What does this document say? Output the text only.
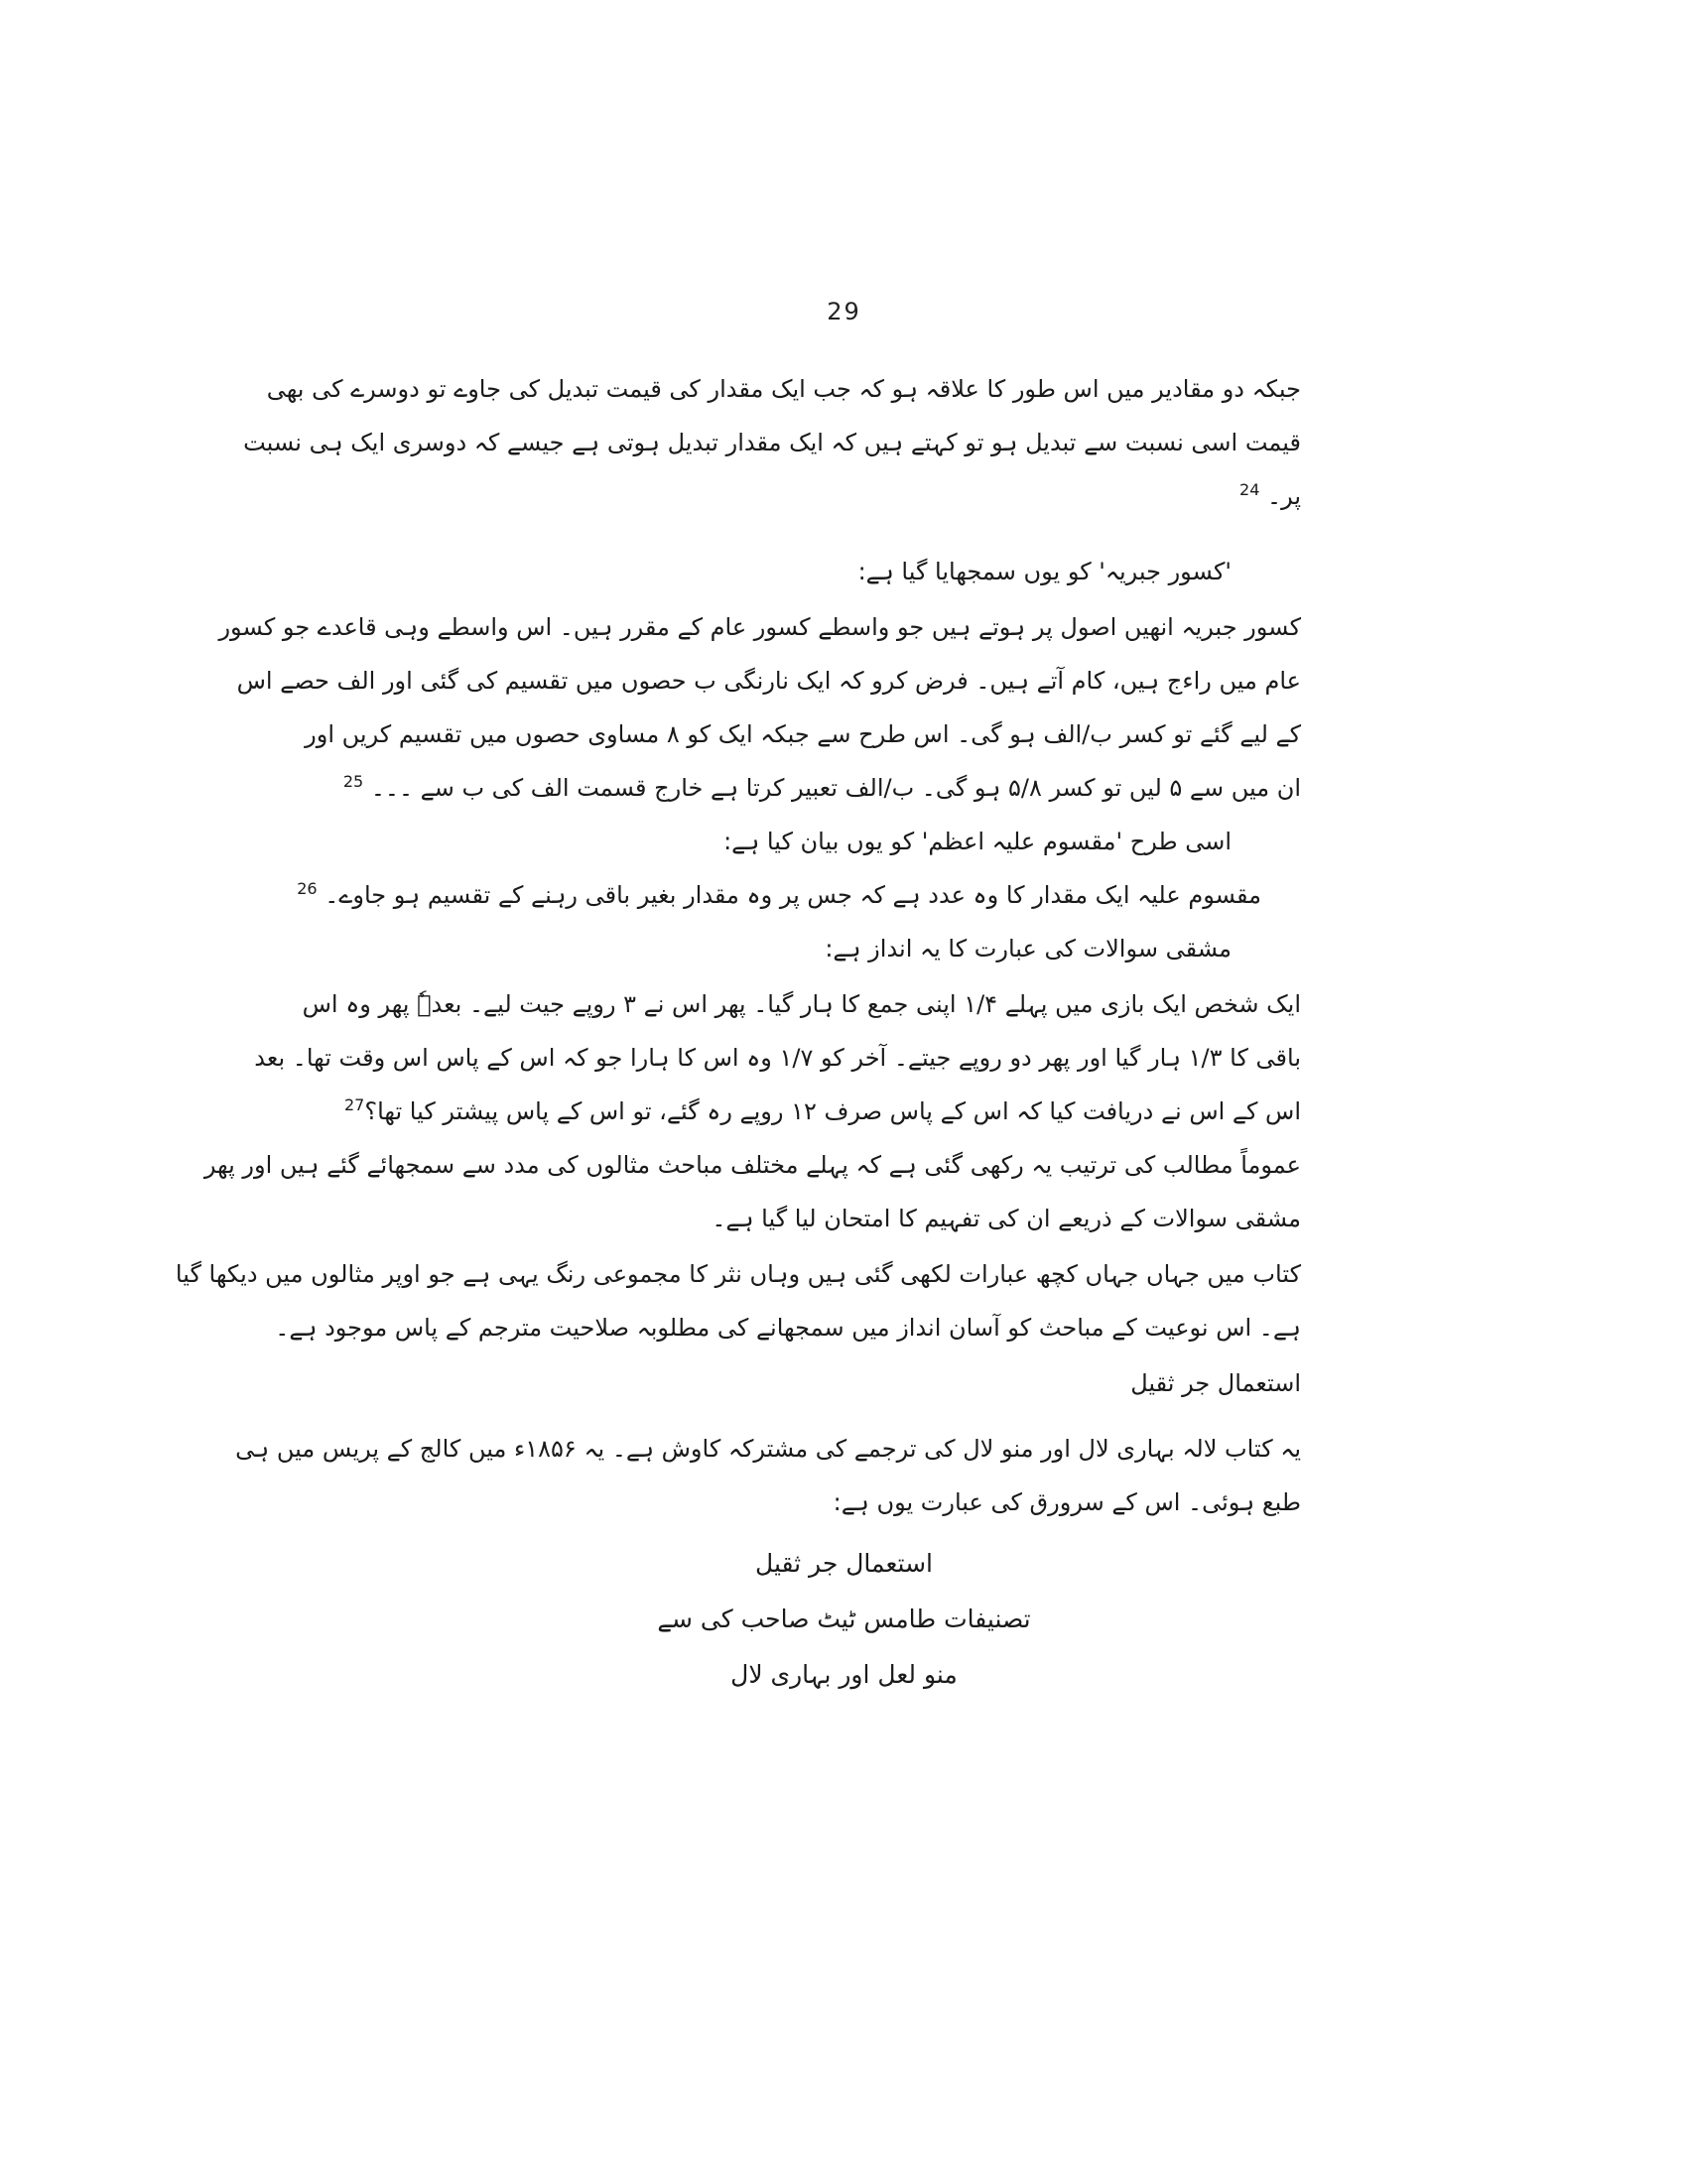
29
جبکہ دو مقادیر میں اس طور کا علاقہ ہو کہ جب ایک مقدار کی قیمت تبدیل کی جاوے تو دوسرے کی بھی
قیمت اسی نسبت سے تبدیل ہو تو کہتے ہیں کہ ایک مقدار تبدیل ہوتی ہے جیسے کہ دوسری ایک ہی نسبت
پر۔ $^{24}$
'کسور جبریہ' کو یوں سمجھایا گیا ہے:
کسور جبریہ انھیں اصول پر ہوتے ہیں جو واسطے کسور عام کے مقرر ہیں۔ اس واسطے وہی قاعدے جو کسور
عام میں راءج ہیں، کام آتے ہیں۔ فرض کرو کہ ایک نارنگی ب حصوں میں تقسیم کی گئی اور الف حصے اس
کے لیے گئے تو کسر ب/الف ہو گی۔ اس طرح سے جبکہ ایک کو ۸ مساوی حصوں میں تقسیم کریں اور
ان میں سے ۵ لیں تو کسر ۵/۸ ہو گی۔ ب/الف تعبیر کرتا ہے خارج قسمت الف کی ب سے ۔۔۔ $^{25}$
اسی طرح 'مقسوم علیہ اعظم' کو یوں بیان کیا ہے:
مقسوم علیہ ایک مقدار کا وہ عدد ہے کہ جس پر وہ مقدار بغیر باقی رہنے کے تقسیم ہو جاوے۔ $^{26}$
مشقی سوالات کی عبارت کا یہ انداز ہے:
ایک شخص ایک بازی میں پہلے ۱/۴ اپنی جمع کا ہار گیا۔ پھر اس نے ۳ روپے جیت لیے۔ بعدہٗ پھر وہ اس
باقی کا ۱/۳ ہار گیا اور پھر دو روپے جیتے۔ آخر کو ۱/۷ وہ اس کا ہارا جو کہ اس کے پاس اس وقت تھا۔ بعد
اس کے اس نے دریافت کیا کہ اس کے پاس صرف ۱۲ روپے رہ گئے، تو اس کے پاس پیشتر کیا تھا؟$^{27}$
عموماً مطالب کی ترتیب یہ رکھی گئی ہے کہ پہلے مختلف مباحث مثالوں کی مدد سے سمجھائے گئے ہیں اور پھر
مشقی سوالات کے ذریعے ان کی تفہیم کا امتحان لیا گیا ہے۔
کتاب میں جہاں جہاں کچھ عبارات لکھی گئی ہیں وہاں نثر کا مجموعی رنگ یہی ہے جو اوپر مثالوں میں دیکھا گیا
ہے۔ اس نوعیت کے مباحث کو آسان انداز میں سمجھانے کی مطلوبہ صلاحیت مترجم کے پاس موجود ہے۔
استعمال جر ثقیل
یہ کتاب لالہ بہاری لال اور منو لال کی ترجمے کی مشترکہ کاوش ہے۔ یہ ۱۸۵۶ء میں کالج کے پریس میں ہی
طبع ہوئی۔ اس کے سرورق کی عبارت یوں ہے:
استعمال جر ثقیل
تصنیفات طامس ٹیٹ صاحب کی سے
منو لعل اور بہاری لال
